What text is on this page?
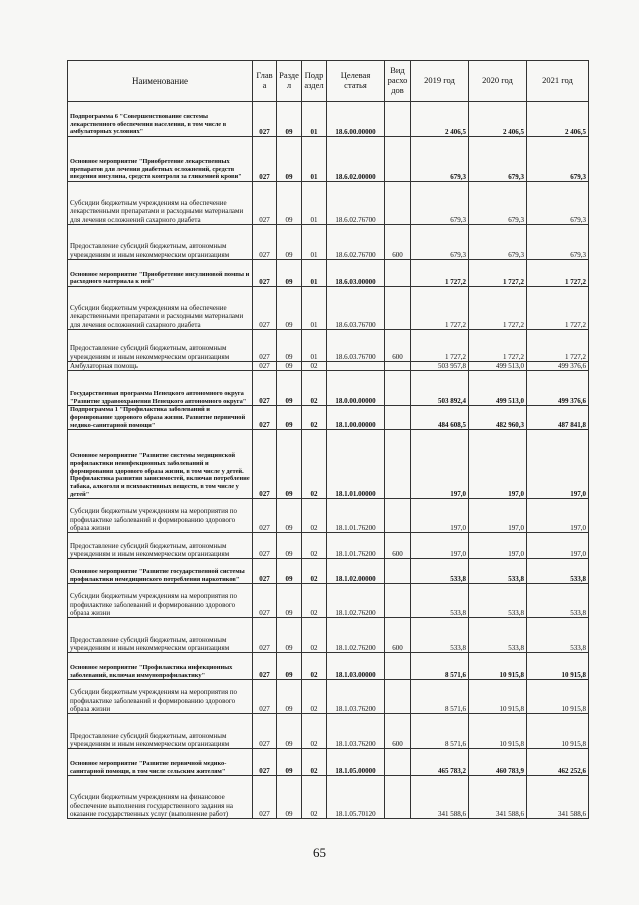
Наименование	Глав а	Разде л	Подр аздел	Целевая статья	Вид расхо дов	2019 год	2020 год	2021 год
Подпрограмма 6 "Совершенствование системы лекарственного обеспечения населения, в том числе в амбулаторных условиях"	027	09	01	18.6.00.00000		2 406,5	2 406,5	2 406,5
Основное мероприятие "Приобретение лекарственных препаратов для лечения диабетных осложнений, средств введения инсулина, средств контроля за гликемией крови"	027	09	01	18.6.02.00000		679,3	679,3	679,3
Субсидии бюджетным учреждениям на обеспечение лекарственными препаратами и расходными материалами для лечения осложнений сахарного диабета	027	09	01	18.6.02.76700		679,3	679,3	679,3
Предоставление субсидий бюджетным, автономным учреждениям и иным некоммерческим организациям	027	09	01	18.6.02.76700	600	679,3	679,3	679,3
Основное мероприятие "Приобретение инсулиновой помпы и расходного материала к ней"	027	09	01	18.6.03.00000		1 727,2	1 727,2	1 727,2
Субсидии бюджетным учреждениям на обеспечение лекарственными препаратами и расходными материалами для лечения осложнений сахарного диабета	027	09	01	18.6.03.76700		1 727,2	1 727,2	1 727,2
Предоставление субсидий бюджетным, автономным учреждениям и иным некоммерческим организациям	027	09	01	18.6.03.76700	600	1 727,2	1 727,2	1 727,2
Амбулаторная помощь	027	09	02			503 957,8	499 513,0	499 376,6
Государственная программа Ненецкого автономного округа "Развитие здравоохранения Ненецкого автономного округа"	027	09	02	18.0.00.00000		503 892,4	499 513,0	499 376,6
Подпрограмма 1 "Профилактика заболеваний и формирование здорового образа жизни. Развитие первичной медико-санитарной помощи"	027	09	02	18.1.00.00000		484 608,5	482 960,3	487 841,8
Основное мероприятие "Развитие системы медицинской профилактики неинфекционных заболеваний и формирования здорового образа жизни, в том числе у детей. Профилактика развития зависимостей, включая потребление табака, алкоголя и психоактивных веществ, в том числе у детей"	027	09	02	18.1.01.00000		197,0	197,0	197,0
Субсидии бюджетным учреждениям на мероприятия по профилактике заболеваний и формированию здорового образа жизни	027	09	02	18.1.01.76200		197,0	197,0	197,0
Предоставление субсидий бюджетным, автономным учреждениям и иным некоммерческим организациям	027	09	02	18.1.01.76200	600	197,0	197,0	197,0
Основное мероприятие "Развитие государственной системы профилактики немедицинского потребления наркотиков"	027	09	02	18.1.02.00000		533,8	533,8	533,8
Субсидии бюджетным учреждениям на мероприятия по профилактике заболеваний и формированию здорового образа жизни	027	09	02	18.1.02.76200		533,8	533,8	533,8
Предоставление субсидий бюджетным, автономным учреждениям и иным некоммерческим организациям	027	09	02	18.1.02.76200	600	533,8	533,8	533,8
Основное мероприятие "Профилактика инфекционных заболеваний, включая иммунопрофилактику"	027	09	02	18.1.03.00000		8 571,6	10 915,8	10 915,8
Субсидии бюджетным учреждениям на мероприятия по профилактике заболеваний и формированию здорового образа жизни	027	09	02	18.1.03.76200		8 571,6	10 915,8	10 915,8
Предоставление субсидий бюджетным, автономным учреждениям и иным некоммерческим организациям	027	09	02	18.1.03.76200	600	8 571,6	10 915,8	10 915,8
Основное мероприятие "Развитие первичной медико-санитарной помощи, в том числе сельским жителям"	027	09	02	18.1.05.00000		465 783,2	460 783,9	462 252,6
Субсидии бюджетным учреждениям на финансовое обеспечение выполнения государственного задания на оказание государственных услуг (выполнение работ)	027	09	02	18.1.05.70120		341 588,6	341 588,6	341 588,6
65
